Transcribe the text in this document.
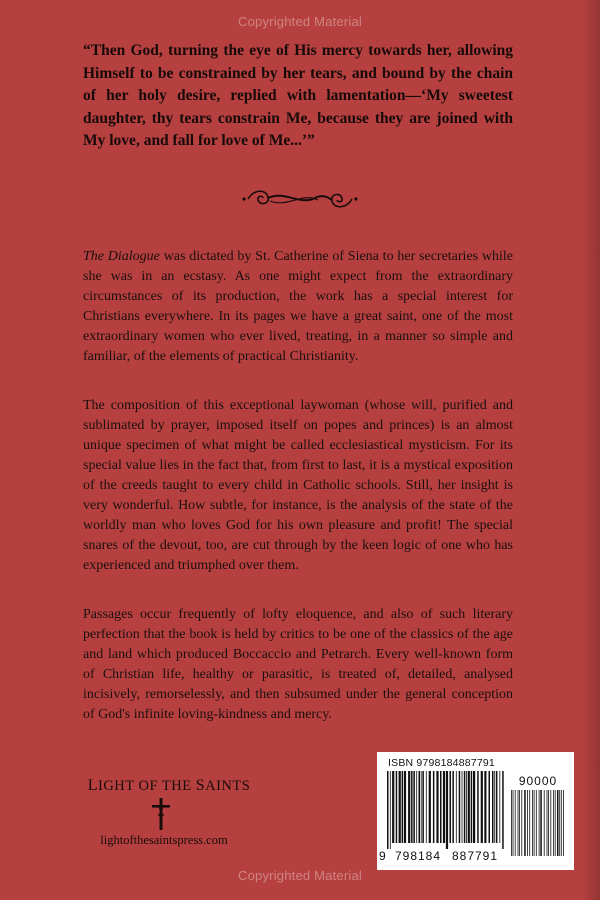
Copyrighted Material

“Then God, turning the eye of His mercy towards her, allowing Himself to be constrained by her tears, and bound by the chain of her holy desire, replied with lamentation—‘My sweetest daughter, thy tears constrain Me, because they are joined with My love, and fall for love of Me...’”

The Dialogue was dictated by St. Catherine of Siena to her secretaries while she was in an ecstasy. As one might expect from the extraordinary circumstances of its production, the work has a special interest for Christians everywhere. In its pages we have a great saint, one of the most extraordinary women who ever lived, treating, in a manner so simple and familiar, of the elements of practical Christianity.

The composition of this exceptional laywoman (whose will, purified and sublimated by prayer, imposed itself on popes and princes) is an almost unique specimen of what might be called ecclesiastical mysticism. For its special value lies in the fact that, from first to last, it is a mystical exposition of the creeds taught to every child in Catholic schools. Still, her insight is very wonderful. How subtle, for instance, is the analysis of the state of the worldly man who loves God for his own pleasure and profit! The special snares of the devout, too, are cut through by the keen logic of one who has experienced and triumphed over them.

Passages occur frequently of lofty eloquence, and also of such literary perfection that the book is held by critics to be one of the classics of the age and land which produced Boccaccio and Petrarch. Every well-known form of Christian life, healthy or parasitic, is treated of, detailed, analysed incisively, remorselessly, and then subsumed under the general conception of God's infinite loving-kindness and mercy.

LIGHT OF THE SAINTS
lightofthesaintspress.com
ISBN 9798184887791
90000
9 798184 887791
Copyrighted Material
